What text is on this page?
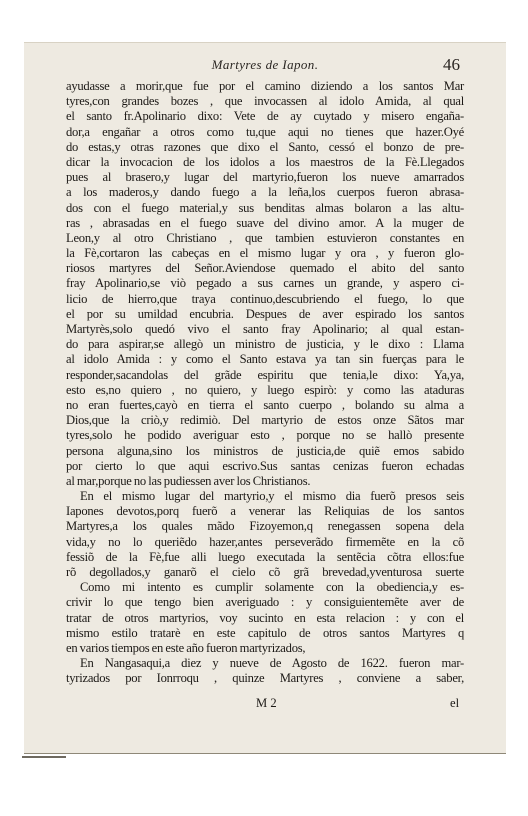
Martyres de Iapon.	46
ayudasse a morir,que fue por el camino diziendo a los santos Mar
tyres,con grandes bozes , que invocassen al idolo Amida, al qual
el santo fr.Apolinario dixo: Vete de ay cuytado y misero engaña-
dor,a engañar a otros como tu,que aqui no tienes que hazer.Oyé
do estas,y otras razones que dixo el Santo, cessó el bonzo de pre-
dicar la invocacion de los idolos a los maestros de la Fè.Llegados
pues al brasero,y lugar del martyrio,fueron los nueve amarrados
a los maderos,y dando fuego a la leña,los cuerpos fueron abrasa-
dos con el fuego material,y sus benditas almas bolaron a las altu-
ras , abrasadas en el fuego suave del divino amor. A la muger de
Leon,y al otro Christiano , que tambien estuvieron constantes en
la Fè,cortaron las cabeças en el mismo lugar y ora , y fueron glo-
riosos martyres del Señor.Aviendose quemado el abito del santo
fray Apolinario,se viò pegado a sus carnes un grande, y aspero ci-
licio de hierro,que traya continuo,descubriendo el fuego, lo que
el por su umildad encubria. Despues de aver espirado los santos
Martyrès,solo quedó vivo el santo fray Apolinario; al qual estan-
do para aspirar,se allegò un ministro de justicia, y le dixo : Llama
al idolo Amida : y como el Santo estava ya tan sin fuerças para le
responder,sacandolas del grãde espiritu que tenia,le dixo: Ya,ya,
esto es,no quiero , no quiero, y luego espirò: y como las ataduras
no eran fuertes,cayò en tierra el santo cuerpo , bolando su alma a
Dios,que la criò,y redimiò. Del martyrio de estos onze Sãtos mar
tyres,solo he podido averiguar esto , porque no se hallò presente
persona alguna,sino los ministros de justicia,de quiẽ emos sabido
por cierto lo que aqui escrivo.Sus santas cenizas fueron echadas
al mar,porque no las pudiessen aver los Christianos.
En el mismo lugar del martyrio,y el mismo dia fuerõ presos seis
Iapones devotos,porq fuerõ a venerar las Reliquias de los santos
Martyres,a los quales mãdo Fizoyemon,q renegassen sopena dela
vida,y no lo queriẽdo hazer,antes perseverãdo firmemẽte en la cõ
fessiõ de la Fè,fue alli luego executada la sentẽcia cõtra ellos:fue
rõ degollados,y ganarõ el cielo cõ grã brevedad,yventurosa suerte
Como mi intento es cumplir solamente con la obediencia,y es-
crivir lo que tengo bien averiguado : y consiguientemẽte aver de
tratar de otros martyrios, voy sucinto en esta relacion : y con el
mismo estilo tratarè en este capitulo de otros santos Martyres q
en varios tiempos en este año fueron martyrizados,
En Nangasaqui,a diez y nueve de Agosto de 1622. fueron mar-
tyrizados por Ionrroqu , quinze Martyres , conviene a saber,
M 2	el
